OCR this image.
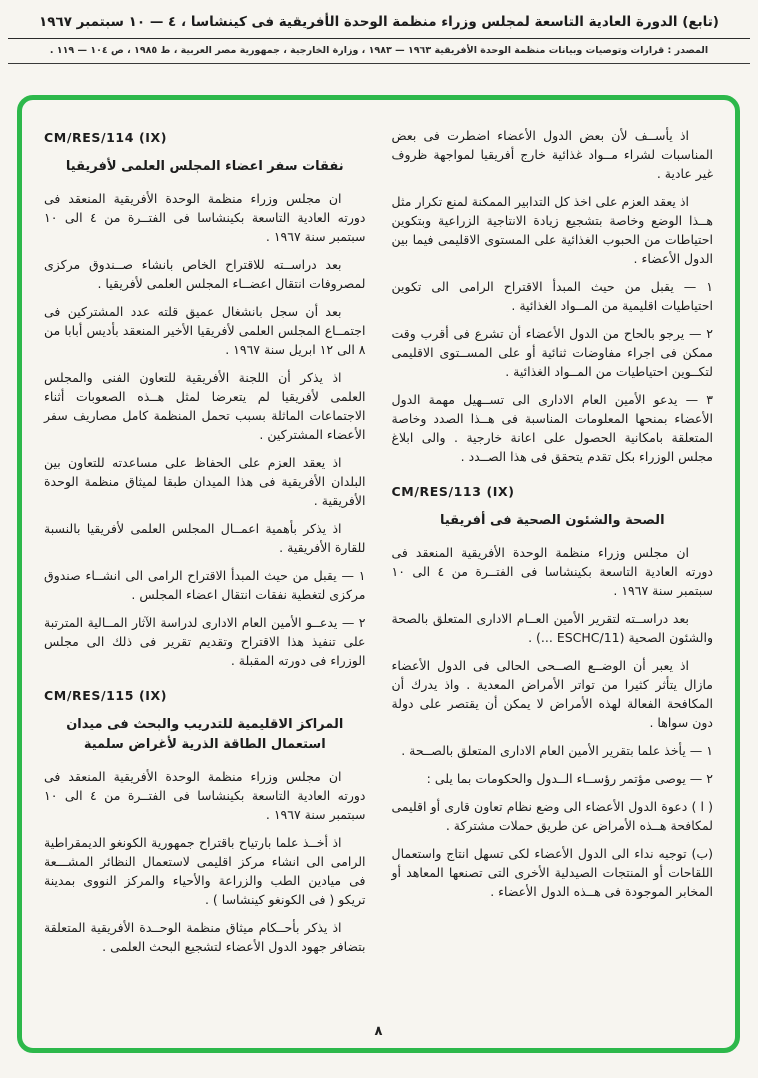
(تابع) الدورة العادية التاسعة لمجلس وزراء منظمة الوحدة الأفريقية فى كينشاسا ، ٤ — ١٠ سبتمبر ١٩٦٧
المصدر : قرارات وتوصيات وبيانات منظمة الوحدة الأفريقية ١٩٦٣ — ١٩٨٣ ، وزارة الخارجية ، جمهورية مصر العربية ، ط ١٩٨٥ ، ص ١٠٤ — ١١٩ .

اذ يأســف لأن بعض الدول الأعضاء اضطرت فى بعض المناسبات لشراء مــواد غذائية خارج أفريقيا لمواجهة ظروف غير عادية .

اذ يعقد العزم على اخذ كل التدابير الممكنة لمنع تكرار مثل هــذا الوضع وخاصة بتشجيع زيادة الانتاجية الزراعية وبتكوين احتياطات من الحبوب الغذائية على المستوى الاقليمى فيما بين الدول الأعضاء .

١ — يقبل من حيث المبدأ الاقتراح الرامى الى تكوين احتياطيات اقليمية من المــواد الغذائية .

٢ — يرجو بالحاح من الدول الأعضاء أن تشرع فى أقرب وقت ممكن فى اجراء مفاوضات ثنائية أو على المســتوى الاقليمى لتكــوين احتياطيات من المــواد الغذائية .

٣ — يدعو الأمين العام الادارى الى تســهيل مهمة الدول الأعضاء بمنحها المعلومات المناسبة فى هــذا الصدد وخاصة المتعلقة بامكانية الحصول على اعانة خارجية . والى ابلاغ مجلس الوزراء بكل تقدم يتحقق فى هذا الصــدد .

CM/RES/113 (IX)
الصحة والشئون الصحية فى أفريقيا

ان مجلس وزراء منظمة الوحدة الأفريقية المنعقد فى دورته العادية التاسعة بكينشاسا فى الفتــرة من ٤ الى ١٠ سبتمبر سنة ١٩٦٧ .

بعد دراســته لتقرير الأمين العــام الادارى المتعلق بالصحة والشئون الصحية (ESCHC/11 ...) .

اذ يعبر أن الوضــع الصــحى الحالى فى الدول الأعضاء مازال يتأثر كثيرا من تواتر الأمراض المعدية . واذ يدرك أن المكافحة الفعالة لهذه الأمراض لا يمكن أن يقتصر على دولة دون سواها .

١ — يأخذ علما بتقرير الأمين العام الادارى المتعلق بالصــحة .

٢ — يوصى مؤتمر رؤســاء الــدول والحكومات بما يلى :

( ا ) دعوة الدول الأعضاء الى وضع نظام تعاون قارى أو اقليمى لمكافحة هــذه الأمراض عن طريق حملات مشتركة .

(ب) توجيه نداء الى الدول الأعضاء لكى تسهل انتاج واستعمال اللقاحات أو المنتجات الصيدلية الأخرى التى تصنعها المعاهد أو المخابر الموجودة فى هــذه الدول الأعضاء .

CM/RES/114 (IX)
نفقات سفر اعضاء المجلس العلمى لأفريقيا

ان مجلس وزراء منظمة الوحدة الأفريقية المنعقد فى دورته العادية التاسعة بكينشاسا فى الفتــرة من ٤ الى ١٠ سبتمبر سنة ١٩٦٧ .

بعد دراســته للاقتراح الخاص بانشاء صــندوق مركزى لمصروفات انتقال اعضــاء المجلس العلمى لأفريقيا .

بعد أن سجل بانشغال عميق قلته عدد المشتركين فى اجتمــاع المجلس العلمى لأفريقيا الأخير المنعقد بأديس أبابا من ٨ الى ١٢ ابريل سنة ١٩٦٧ .

اذ يذكر أن اللجنة الأفريقية للتعاون الفنى والمجلس العلمى لأفريقيا لم يتعرضا لمثل هــذه الصعوبات أثناء الاجتماعات الماثلة بسبب تحمل المنظمة كامل مصاريف سفر الأعضاء المشتركين .

اذ يعقد العزم على الحفاظ على مساعدته للتعاون بين البلدان الأفريقية فى هذا الميدان طبقا لميثاق منظمة الوحدة الأفريقية .

اذ يذكر بأهمية اعمــال المجلس العلمى لأفريقيا بالنسبة للقارة الأفريقية .

١ — يقبل من حيث المبدأ الاقتراح الرامى الى انشــاء صندوق مركزى لتغطية نفقات انتقال اعضاء المجلس .

٢ — يدعــو الأمين العام الادارى لدراسة الآثار المــالية المترتبة على تنفيذ هذا الاقتراح وتقديم تقرير فى ذلك الى مجلس الوزراء فى دورته المقبلة .

CM/RES/115 (IX)
المراكز الاقليمية للتدريب والبحث فى ميدان استعمال الطاقة الذرية لأغراض سلمية

ان مجلس وزراء منظمة الوحدة الأفريقية المنعقد فى دورته العادية التاسعة بكينشاسا فى الفتــرة من ٤ الى ١٠ سبتمبر سنة ١٩٦٧ .

اذ أخــذ علما بارتياح باقتراح جمهورية الكونغو الديمقراطية الرامى الى انشاء مركز اقليمى لاستعمال النظائر المشـــعة فى ميادين الطب والزراعة والأحياء والمركز النووى بمدينة تريكو ( فى الكونغو كينشاسا ) .

اذ يذكر بأحــكام ميثاق منظمة الوحــدة الأفريقية المتعلقة بتضافر جهود الدول الأعضاء لتشجيع البحث العلمى .

٨
